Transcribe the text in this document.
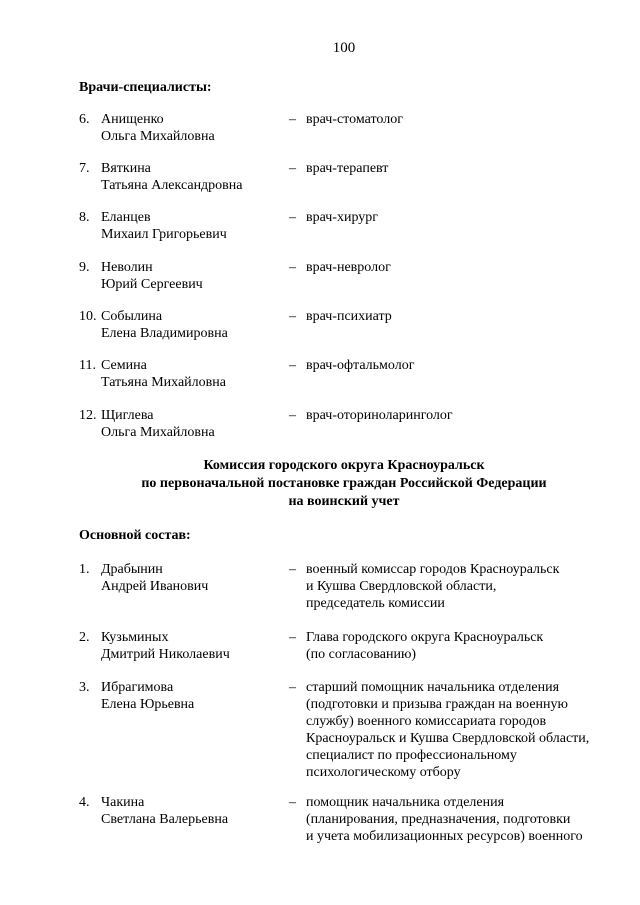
100
Врачи-специалисты:
6. Анищенко
Ольга Михайловна
– врач-стоматолог
7. Вяткина
Татьяна Александровна
– врач-терапевт
8. Еланцев
Михаил Григорьевич
– врач-хирург
9. Неволин
Юрий Сергеевич
– врач-невролог
10. Собылина
Елена Владимировна
– врач-психиатр
11. Семина
Татьяна Михайловна
– врач-офтальмолог
12. Щиглева
Ольга Михайловна
– врач-оториноларинголог
Комиссия городского округа Красноуральск
по первоначальной постановке граждан Российской Федерации
на воинский учет
Основной состав:
1. Драбынин
Андрей Иванович
– военный комиссар городов Красноуральск
и Кушва Свердловской области,
председатель комиссии
2. Кузьминых
Дмитрий Николаевич
– Глава городского округа Красноуральск
(по согласованию)
3. Ибрагимова
Елена Юрьевна
– старший помощник начальника отделения
(подготовки и призыва граждан на военную
службу) военного комиссариата городов
Красноуральск и Кушва Свердловской области,
специалист по профессиональному
психологическому отбору
4. Чакина
Светлана Валерьевна
– помощник начальника отделения
(планирования, предназначения, подготовки
и учета мобилизационных ресурсов) военного
